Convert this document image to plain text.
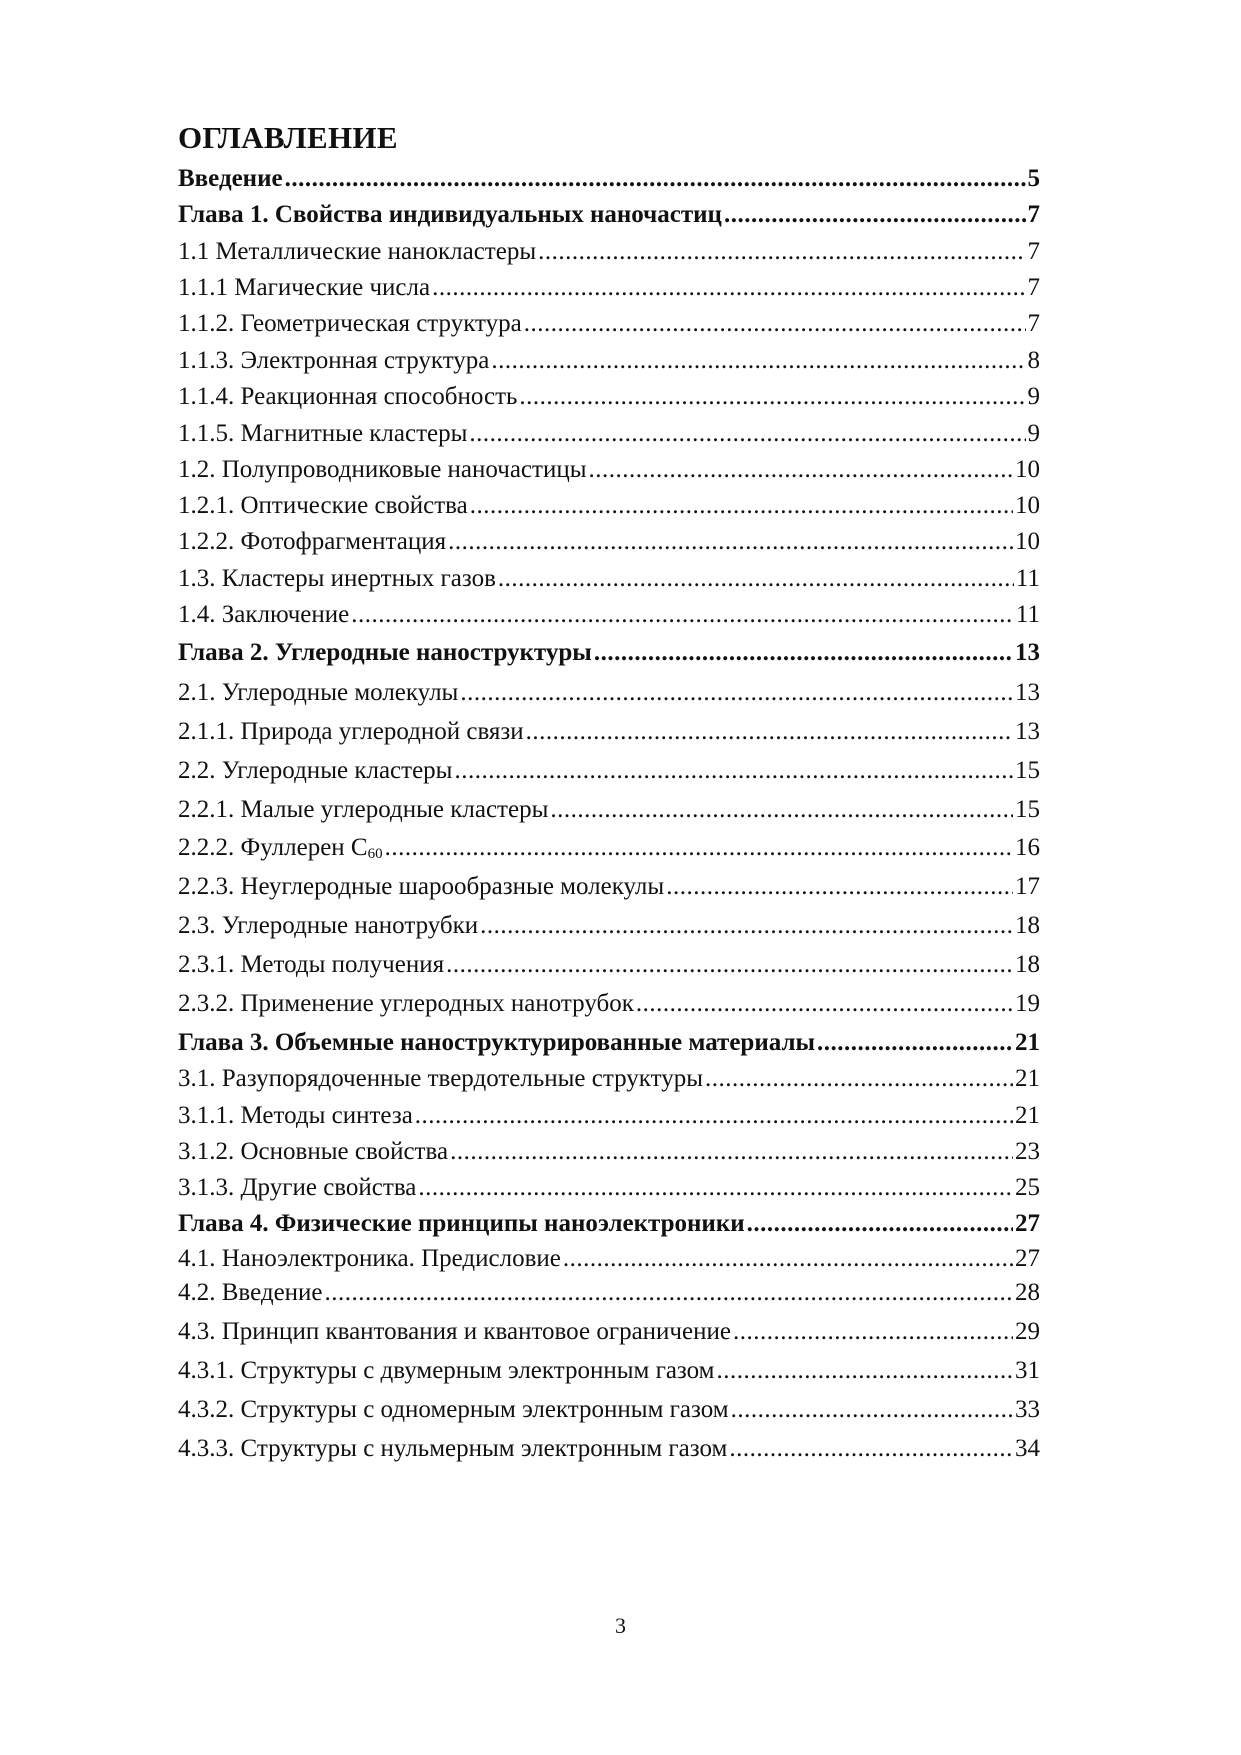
ОГЛАВЛЕНИЕ
Введение .....	5
Глава 1. Свойства индивидуальных наночастиц .....	7
1.1 Металлические нанокластеры .....	7
1.1.1 Магические числа .....	7
1.1.2. Геометрическая структура .....	7
1.1.3. Электронная структура .....	8
1.1.4. Реакционная способность .....	9
1.1.5. Магнитные кластеры .....	9
1.2. Полупроводниковые наночастицы .....	10
1.2.1. Оптические свойства .....	10
1.2.2. Фотофрагментация .....	10
1.3. Кластеры инертных газов .....	11
1.4. Заключение .....	11
Глава 2. Углеродные наноструктуры .....	13
2.1. Углеродные молекулы .....	13
2.1.1. Природа углеродной связи .....	13
2.2. Углеродные кластеры .....	15
2.2.1. Малые углеродные кластеры .....	15
2.2.2. Фуллерен $C_{60}$ .....	16
2.2.3. Неуглеродные шарообразные молекулы .....	17
2.3. Углеродные нанотрубки .....	18
2.3.1. Методы получения .....	18
2.3.2. Применение углеродных нанотрубок .....	19
Глава 3. Объемные наноструктурированные материалы .....	21
3.1. Разупорядоченные твердотельные структуры .....	21
3.1.1. Методы синтеза .....	21
3.1.2. Основные свойства .....	23
3.1.3. Другие свойства .....	25
Глава 4. Физические принципы наноэлектроники .....	27
4.1. Наноэлектроника. Предисловие .....	27
4.2. Введение .....	28
4.3. Принцип квантования и квантовое ограничение .....	29
4.3.1. Структуры с двумерным электронным газом .....	31
4.3.2. Структуры с одномерным электронным газом .....	33
4.3.3. Структуры с нульмерным электронным газом .....	34
3
